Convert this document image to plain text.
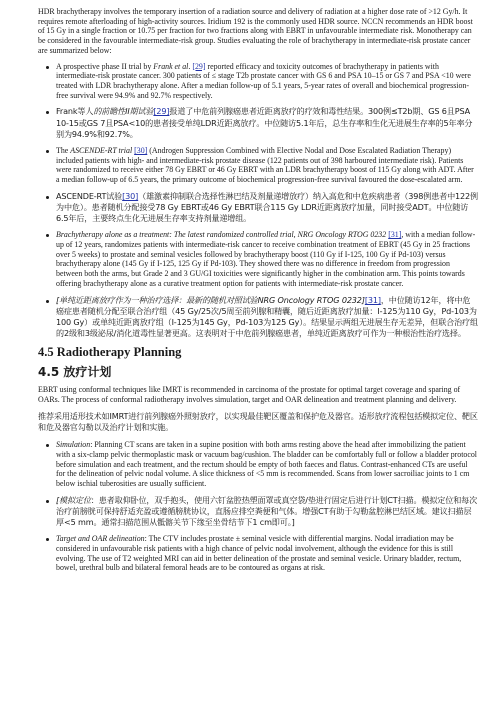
HDR brachytherapy involves the temporary insertion of a radiation source and delivery of radiation at a higher dose rate of >12 Gy/h. It requires remote afterloading of high-activity sources. Iridium 192 is the commonly used HDR source. NCCN recommends an HDR boost of 15 Gy in a single fraction or 10.75 per fraction for two fractions along with EBRT in unfavourable intermediate risk. Monotherapy can be considered in the favourable intermediate-risk group. Studies evaluating the role of brachytherapy in intermediate-risk prostate cancer are summarized below:

A prospective phase II trial by Frank et al. [29] reported efficacy and toxicity outcomes of brachytherapy in patients with intermediate-risk prostate cancer. 300 patients of ≤ stage T2b prostate cancer with GS 6 and PSA 10–15 or GS 7 and PSA <10 were treated with LDR brachytherapy alone. After a median follow-up of 5.1 years, 5-year rates of overall and biochemical progression-free survival were 94.9% and 92.7% respectively.
Frank等人的前瞻性II期试验[29]报道了中危前列腺癌患者近距离放疗的疗效和毒性结果。300例≤T2b期、GS 6且PSA 10-15或GS 7且PSA<10的患者接受单纯LDR近距离放疗。中位随访5.1年后，总生存率和生化无进展生存率的5年率分别为94.9%和92.7%。
The ASCENDE-RT trial [30] (Androgen Suppression Combined with Elective Nodal and Dose Escalated Radiation Therapy) included patients with high- and intermediate-risk prostate disease (122 patients out of 398 harboured intermediate risk). Patients were randomized to receive either 78 Gy EBRT or 46 Gy EBRT with an LDR brachytherapy boost of 115 Gy along with ADT. After a median follow-up of 6.5 years, the primary outcome of biochemical progression-free survival favoured the dose-escalated arm.
ASCENDE-RT试验[30]（雄激素抑制联合选择性淋巴结及剂量递增放疗）纳入高危和中危疾病患者（398例患者中122例为中危）。患者随机分配接受78 Gy EBRT或46 Gy EBRT联合115 Gy LDR近距离放疗加量，同时接受ADT。中位随访6.5年后，主要终点生化无进展生存率支持剂量递增组。
Brachytherapy alone as a treatment: The latest randomized controlled trial, NRG Oncology RTOG 0232 [31], with a median follow-up of 12 years, randomizes patients with intermediate-risk cancer to receive combination treatment of EBRT (45 Gy in 25 fractions over 5 weeks) to prostate and seminal vesicles followed by brachytherapy boost (110 Gy if I-125, 100 Gy if Pd-103) versus brachytherapy alone (145 Gy if I-125, 125 Gy if Pd-103). They showed there was no difference in freedom from progression between both the arms, but Grade 2 and 3 GU/GI toxicities were significantly higher in the combination arm. This points towards offering brachytherapy alone as a curative treatment option for patients with intermediate-risk prostate cancer.
[单纯近距离放疗作为一种治疗选择：最新的随机对照试验NRG Oncology RTOG 0232][31]，中位随访12年，将中危癌症患者随机分配至联合治疗组（45 Gy/25次/5周至前列腺和精囊，随后近距离放疗加量：I-125为110 Gy，Pd-103为100 Gy）或单纯近距离放疗组（I-125为145 Gy，Pd-103为125 Gy）。结果显示两组无进展生存无差异，但联合治疗组的2级和3级泌尿/消化道毒性显著更高。这表明对于中危前列腺癌患者，单纯近距离放疗可作为一种根治性治疗选择。
4.5 Radiotherapy Planning
4.5 放疗计划

EBRT using conformal techniques like IMRT is recommended in carcinoma of the prostate for optimal target coverage and sparing of OARs. The process of conformal radiotherapy involves simulation, target and OAR delineation and treatment planning and delivery.

推荐采用适形技术如IMRT进行前列腺癌外照射放疗，以实现最佳靶区覆盖和保护危及器官。适形放疗流程包括模拟定位、靶区和危及器官勾勒以及治疗计划和实施。

Simulation: Planning CT scans are taken in a supine position with both arms resting above the head after immobilizing the patient with a six-clamp pelvic thermoplastic mask or vacuum bag/cushion. The bladder can be comfortably full or follow a bladder protocol before simulation and each treatment, and the rectum should be empty of both faeces and flatus. Contrast-enhanced CTs are useful for the delineation of pelvic nodal volume. A slice thickness of <5 mm is recommended. Scans from lower sacroiliac joints to 1 cm below ischial tuberosities are usually sufficient.
[模拟定位：患者取仰卧位，双手抱头，使用六钉盆腔热塑面罩或真空袋/垫进行固定后进行计划CT扫描。模拟定位和每次治疗前膀胱可保持舒适充盈或遵循膀胱协议，直肠应排空粪便和气体。增强CT有助于勾勒盆腔淋巴结区域。建议扫描层厚<5 mm。通常扫描范围从骶髂关节下缘至坐骨结节下1 cm即可。]
Target and OAR delineation: The CTV includes prostate ± seminal vesicle with differential margins. Nodal irradiation may be considered in unfavourable risk patients with a high chance of pelvic nodal involvement, although the evidence for this is still evolving. The use of T2 weighted MRI can aid in better delineation of the prostate and seminal vesicle. Urinary bladder, rectum, bowel, urethral bulb and bilateral femoral heads are to be contoured as organs at risk.
